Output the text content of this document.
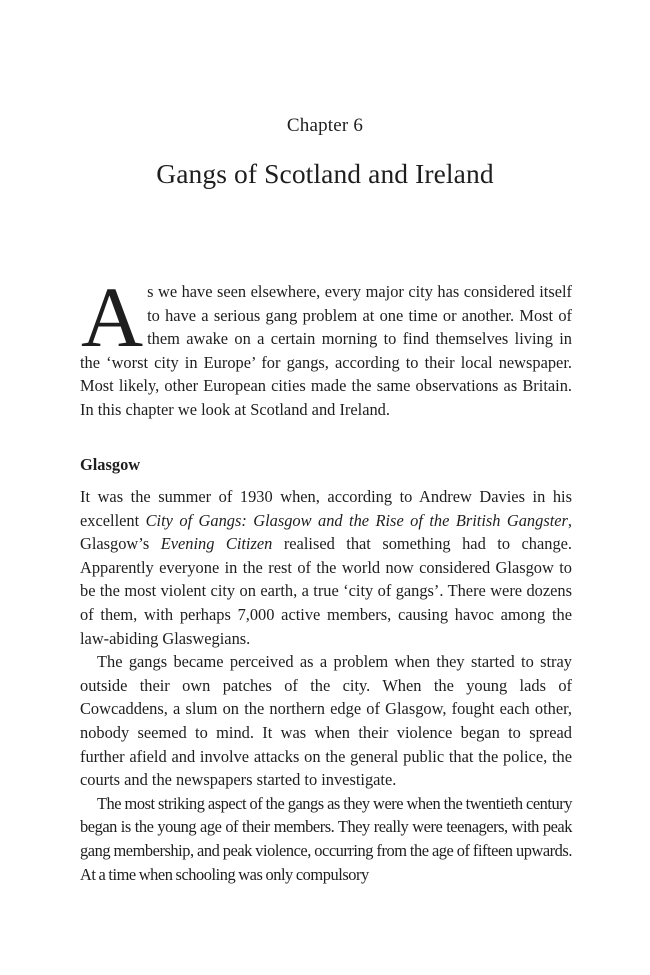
Chapter 6
Gangs of Scotland and Ireland
As we have seen elsewhere, every major city has considered itself to have a serious gang problem at one time or another. Most of them awake on a certain morning to find themselves living in the ‘worst city in Europe’ for gangs, according to their local newspaper. Most likely, other European cities made the same observations as Britain. In this chapter we look at Scotland and Ireland.
Glasgow

It was the summer of 1930 when, according to Andrew Davies in his excellent City of Gangs: Glasgow and the Rise of the British Gangster, Glasgow’s Evening Citizen realised that something had to change. Apparently everyone in the rest of the world now considered Glasgow to be the most violent city on earth, a true ‘city of gangs’. There were dozens of them, with perhaps 7,000 active members, causing havoc among the law-abiding Glaswegians.

The gangs became perceived as a problem when they started to stray outside their own patches of the city. When the young lads of Cowcaddens, a slum on the northern edge of Glasgow, fought each other, nobody seemed to mind. It was when their violence began to spread further afield and involve attacks on the general public that the police, the courts and the newspapers started to investigate.

The most striking aspect of the gangs as they were when the twentieth century began is the young age of their members. They really were teenagers, with peak gang membership, and peak violence, occurring from the age of fifteen upwards. At a time when schooling was only compulsory
